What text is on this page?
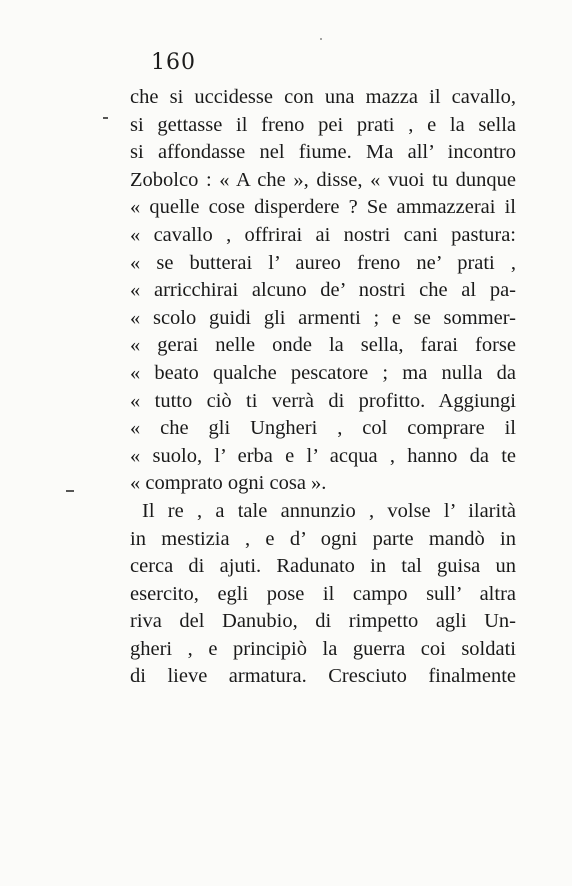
160
che si uccidesse con una mazza il cavallo,
si gettasse il freno pei prati , e la sella
si affondasse nel fiume. Ma all’ incontro
Zobolco : « A che », disse, « vuoi tu dunque
« quelle cose disperdere ? Se ammazzerai il
« cavallo , offrirai ai nostri cani pastura:
« se butterai l’ aureo freno ne’ prati ,
« arricchirai alcuno de’ nostri che al pa-
« scolo guidi gli armenti ; e se sommer-
« gerai nelle onde la sella, farai forse
« beato qualche pescatore ; ma nulla da
« tutto ciò ti verrà di profitto. Aggiungi
« che gli Ungheri , col comprare il
« suolo, l’ erba e l’ acqua , hanno da te
« comprato ogni cosa ».
Il re , a tale annunzio , volse l’ ilarità
in mestizia , e d’ ogni parte mandò in
cerca di ajuti. Radunato in tal guisa un
esercito, egli pose il campo sull’ altra
riva del Danubio, di rimpetto agli Un-
gheri , e principiò la guerra coi soldati
di lieve armatura. Cresciuto finalmente
